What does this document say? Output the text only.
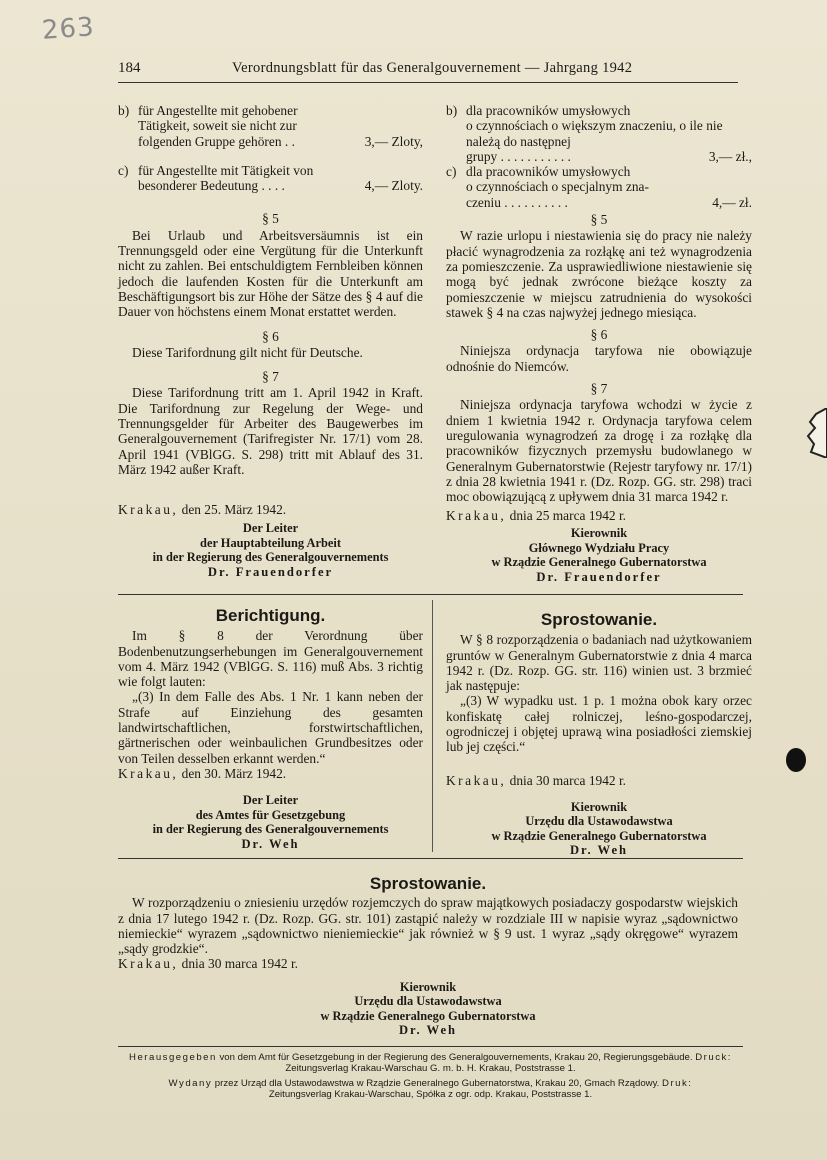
263
184	Verordnungsblatt für das Generalgouvernement — Jahrgang 1942
b) für Angestellte mit gehobener
Tätigkeit, soweit sie nicht zur
folgenden Gruppe gehören . .	3,— Zloty,
c) für Angestellte mit Tätigkeit von
besonderer Bedeutung . . . .	4,— Zloty.
§ 5
Bei Urlaub und Arbeitsversäumnis ist ein Trennungsgeld oder eine Vergütung für die Unterkunft nicht zu zahlen. Bei entschuldigtem Fernbleiben können jedoch die laufenden Kosten für die Unterkunft am Beschäftigungsort bis zur Höhe der Sätze des § 4 auf die Dauer von höchstens einem Monat erstattet werden.
§ 6
Diese Tarifordnung gilt nicht für Deutsche.
§ 7
Diese Tarifordnung tritt am 1. April 1942 in Kraft. Die Tarifordnung zur Regelung der Wege- und Trennungsgelder für Arbeiter des Baugewerbes im Generalgouvernement (Tarifregister Nr. 17/1) vom 28. April 1941 (VBlGG. S. 298) tritt mit Ablauf des 31. März 1942 außer Kraft.
Krakau, den 25. März 1942.
Der Leiter
der Hauptabteilung Arbeit
in der Regierung des Generalgouvernements
Dr. Frauendorfer
b) dla pracowników umysłowych
o czynnościach o większym znaczeniu, o ile nie należą do następnej
grupy . . . . . . . . . . .	3,— zł.,
c) dla pracowników umysłowych
o czynnościach o specjalnym zna-
czeniu . . . . . . . . . .	4,— zł.
§ 5
W razie urlopu i niestawienia się do pracy nie należy płacić wynagrodzenia za rozłąkę ani też wynagrodzenia za pomieszczenie. Za usprawiedliwione niestawienie się mogą być jednak zwrócone bieżące koszty za pomieszczenie w miejscu zatrudnienia do wysokości stawek § 4 na czas najwyżej jednego miesiąca.
§ 6
Niniejsza ordynacja taryfowa nie obowiązuje odnośnie do Niemców.
§ 7
Niniejsza ordynacja taryfowa wchodzi w życie z dniem 1 kwietnia 1942 r. Ordynacja taryfowa celem uregulowania wynagrodzeń za drogę i za rozłąkę dla pracowników fizycznych przemysłu budowlanego w Generalnym Gubernatorstwie (Rejestr taryfowy nr. 17/1) z dnia 28 kwietnia 1941 r. (Dz. Rozp. GG. str. 298) traci moc obowiązującą z upływem dnia 31 marca 1942 r.
Krakau, dnia 25 marca 1942 r.
Kierownik
Głównego Wydziału Pracy
w Rządzie Generalnego Gubernatorstwa
Dr. Frauendorfer
Berichtigung.
Im § 8 der Verordnung über Bodenbenutzungserhebungen im Generalgouvernement vom 4. März 1942 (VBlGG. S. 116) muß Abs. 3 richtig wie folgt lauten:
„(3) In dem Falle des Abs. 1 Nr. 1 kann neben der Strafe auf Einziehung des gesamten landwirtschaftlichen, forstwirtschaftlichen, gärtnerischen oder weinbaulichen Grundbesitzes oder von Teilen desselben erkannt werden.“
Krakau, den 30. März 1942.
Der Leiter
des Amtes für Gesetzgebung
in der Regierung des Generalgouvernements
Dr. Weh
Sprostowanie.
W § 8 rozporządzenia o badaniach nad użytkowaniem gruntów w Generalnym Gubernatorstwie z dnia 4 marca 1942 r. (Dz. Rozp. GG. str. 116) winien ust. 3 brzmieć jak następuje:
„(3) W wypadku ust. 1 p. 1 można obok kary orzec konfiskatę całej rolniczej, leśno-gospodarczej, ogrodniczej i objętej uprawą wina posiadłości ziemskiej lub jej części.“
Krakau, dnia 30 marca 1942 r.
Kierownik
Urzędu dla Ustawodawstwa
w Rządzie Generalnego Gubernatorstwa
Dr. Weh
Sprostowanie.
W rozporządzeniu o zniesieniu urzędów rozjemczych do spraw majątkowych posiadaczy gospodarstw wiejskich z dnia 17 lutego 1942 r. (Dz. Rozp. GG. str. 101) zastąpić należy w rozdziale III w napisie wyraz „sądownictwo niemieckie“ wyrazem „sądownictwo nieniemieckie“ jak również w § 9 ust. 1 wyraz „sądy okręgowe“ wyrazem „sądy grodzkie“.
Krakau, dnia 30 marca 1942 r.
Kierownik
Urzędu dla Ustawodawstwa
w Rządzie Generalnego Gubernatorstwa
Dr. Weh
Herausgegeben von dem Amt für Gesetzgebung in der Regierung des Generalgouvernements, Krakau 20, Regierungsgebäude. Druck:
Zeitungsverlag Krakau-Warschau G. m. b. H. Krakau, Poststrasse 1.
Wydany przez Urząd dla Ustawodawstwa w Rządzie Generalnego Gubernatorstwa, Krakau 20, Gmach Rządowy. Druk:
Zeitungsverlag Krakau-Warschau, Spółka z ogr. odp. Krakau, Poststrasse 1.
